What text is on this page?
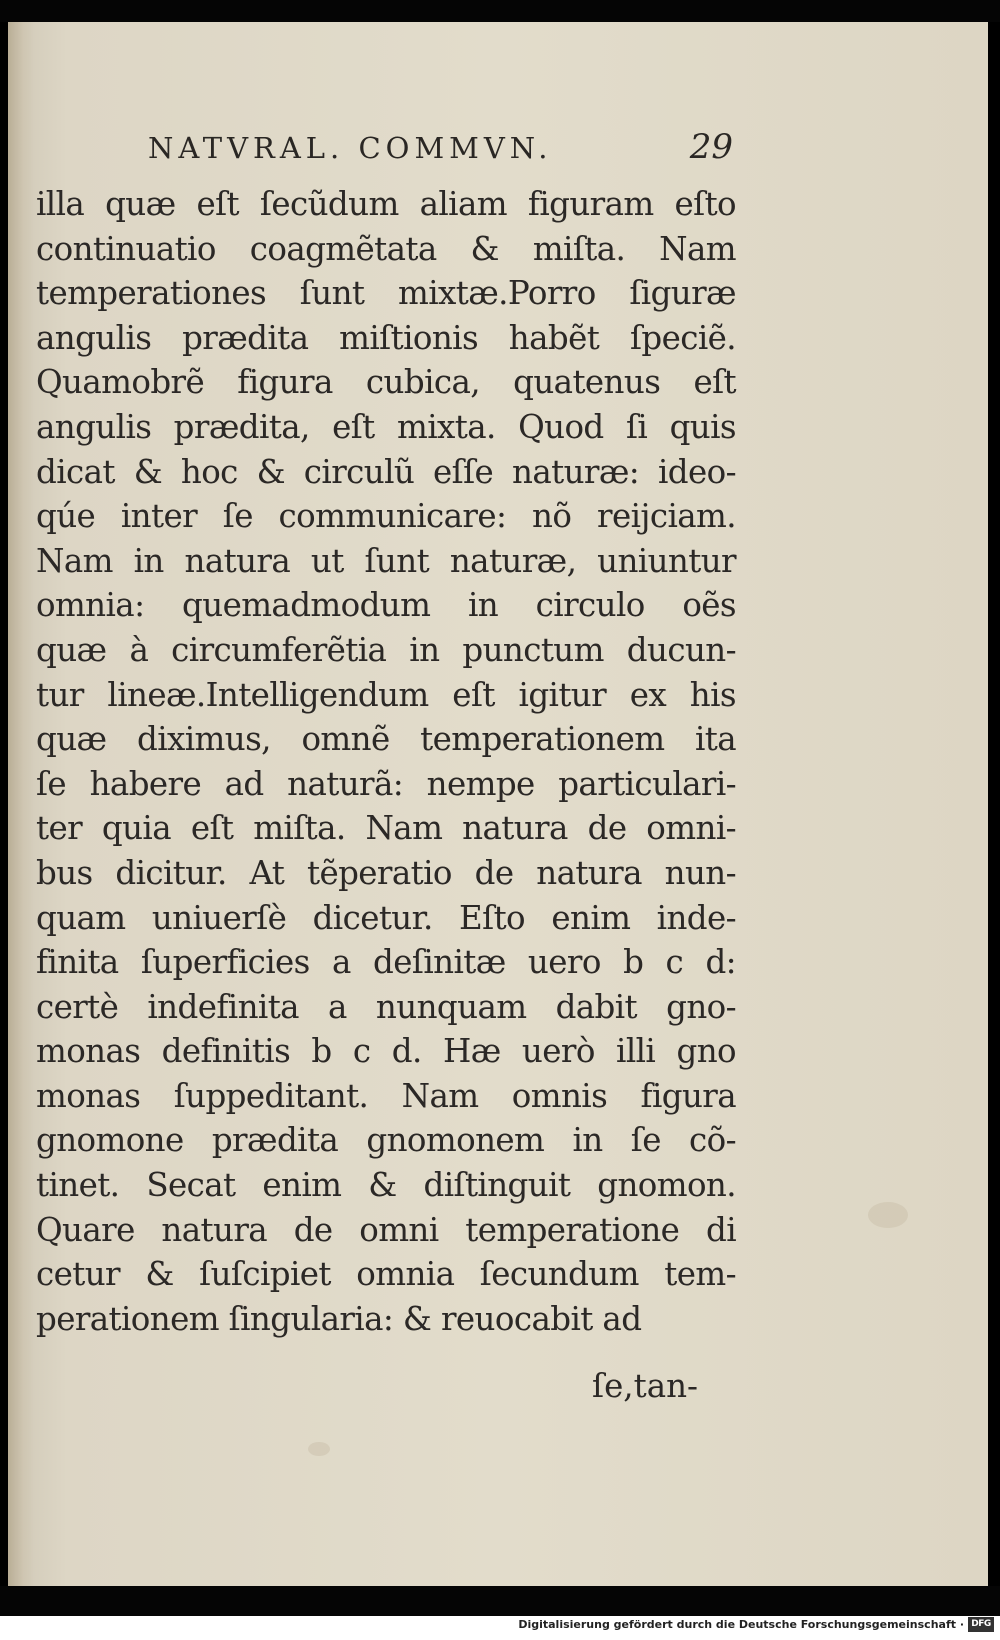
NATVRAL. COMMVN.	29
illa quæ eſt ſecũdum aliam figuram eſto
continuatio coagmẽtata & miſta. Nam
temperationes ſunt mixtæ.Porro ſiguræ
angulis prædita miſtionis habẽt ſpeciẽ.
Quamobrẽ figura cubica, quatenus eſt
angulis prædita, eſt mixta. Quod ſi quis
dicat & hoc & circulũ eſſe naturæ: ideo-
qúe inter ſe communicare: nõ reijciam.
Nam in natura ut ſunt naturæ, uniuntur
omnia: quemadmodum in circulo oẽs
quæ à circumferẽtia in punctum ducun-
tur lineæ.Intelligendum eſt igitur ex his
quæ diximus, omnẽ temperationem ita
ſe habere ad naturã: nempe particulari-
ter quia eſt miſta. Nam natura de omni-
bus dicitur. At tẽperatio de natura nun-
quam uniuerſè dicetur. Eſto enim inde-
finita ſuperficies a deſinitæ uero b c d:
certè indefinita a nunquam dabit gno-
monas definitis b c d. Hæ uerò illi gno
monas ſuppeditant. Nam omnis figura
gnomone prædita gnomonem in ſe cõ-
tinet. Secat enim & diſtinguit gnomon.
Quare natura de omni temperatione di
cetur & ſuſcipiet omnia ſecundum tem-
perationem ſingularia: & reuocabit ad
ſe,tan-
Digitalisierung gefördert durch die Deutsche Forschungsgemeinschaft · DFG
